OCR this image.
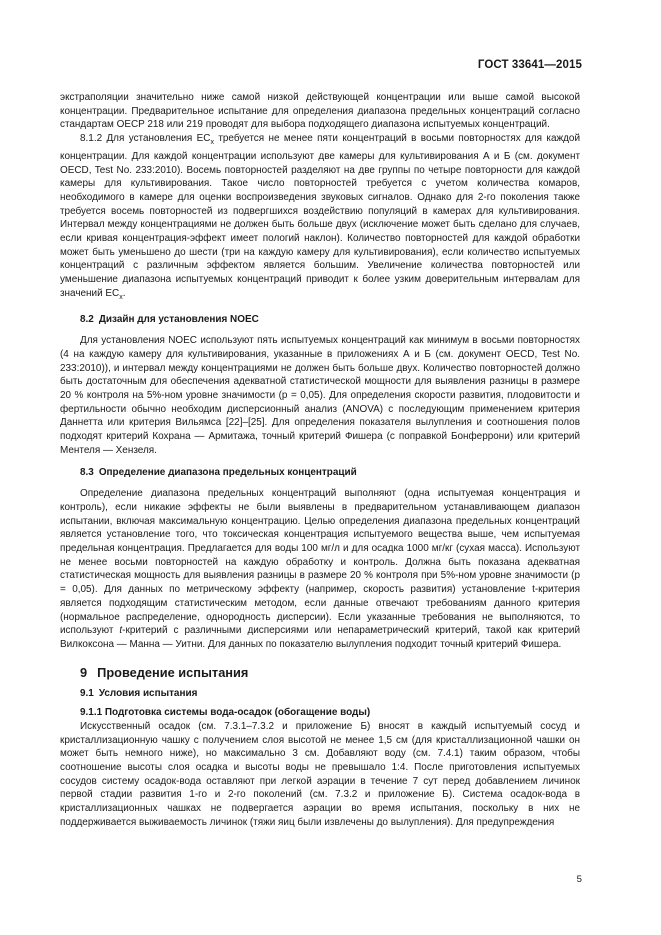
ГОСТ 33641—2015

экстраполяции значительно ниже самой низкой действующей концентрации или выше самой высокой концентрации. Предварительное испытание для определения диапазона предельных концентраций согласно стандартам OECP 218 или 219 проводят для выбора подходящего диапазона испытуемых концентраций.

8.1.2 Для установления $EC_x$ требуется не менее пяти концентраций в восьми повторностях для каждой концентрации. Для каждой концентрации используют две камеры для культивирования А и Б (см. документ OECD, Test No. 233:2010). Восемь повторностей разделяют на две группы по четыре повторности для каждой камеры для культивирования. Такое число повторностей требуется с учетом количества комаров, необходимого в камере для оценки воспроизведения звуковых сигналов. Однако для 2-го поколения также требуется восемь повторностей из подвергшихся воздействию популяций в камерах для культивирования. Интервал между концентрациями не должен быть больше двух (исключение может быть сделано для случаев, если кривая концентрация-эффект имеет пологий наклон). Количество повторностей для каждой обработки может быть уменьшено до шести (три на каждую камеру для культивирования), если количество испытуемых концентраций с различным эффектом является большим. Увеличение количества повторностей или уменьшение диапазона испытуемых концентраций приводит к более узким доверительным интервалам для значений $EC_x$.

8.2 Дизайн для установления NOEC

Для установления NOEC используют пять испытуемых концентраций как минимум в восьми повторностях (4 на каждую камеру для культивирования, указанные в приложениях А и Б (см. документ OECD, Test No. 233:2010)), и интервал между концентрациями не должен быть больше двух. Количество повторностей должно быть достаточным для обеспечения адекватной статистической мощности для выявления разницы в размере 20 % контроля на 5%-ном уровне значимости (р = 0,05). Для определения скорости развития, плодовитости и фертильности обычно необходим дисперсионный анализ (ANOVA) с последующим применением критерия Даннетта или критерия Вильямса [22]–[25]. Для определения показателя вылупления и соотношения полов подходят критерий Кохрана — Армитажа, точный критерий Фишера (с поправкой Бонферрони) или критерий Ментеля — Хензеля.

8.3 Определение диапазона предельных концентраций

Определение диапазона предельных концентраций выполняют (одна испытуемая концентрация и контроль), если никакие эффекты не были выявлены в предварительном устанавливающем диапазон испытании, включая максимальную концентрацию. Целью определения диапазона предельных концентраций является установление того, что токсическая концентрация испытуемого вещества выше, чем испытуемая предельная концентрация. Предлагается для воды 100 мг/л и для осадка 1000 мг/кг (сухая масса). Используют не менее восьми повторностей на каждую обработку и контроль. Должна быть показана адекватная статистическая мощность для выявления разницы в размере 20 % контроля при 5%-ном уровне значимости (р = 0,05). Для данных по метрическому эффекту (например, скорость развития) установление t-критерия является подходящим статистическим методом, если данные отвечают требованиям данного критерия (нормальное распределение, однородность дисперсии). Если указанные требования не выполняются, то используют t-критерий с различными дисперсиями или непараметрический критерий, такой как критерий Вилкоксона — Манна — Уитни. Для данных по показателю вылупления подходит точный критерий Фишера.

9 Проведение испытания

9.1 Условия испытания

9.1.1 Подготовка системы вода-осадок (обогащение воды)

Искусственный осадок (см. 7.3.1–7.3.2 и приложение Б) вносят в каждый испытуемый сосуд и кристаллизационную чашку с получением слоя высотой не менее 1,5 см (для кристаллизационной чашки он может быть немного ниже), но максимально 3 см. Добавляют воду (см. 7.4.1) таким образом, чтобы соотношение высоты слоя осадка и высоты воды не превышало 1:4. После приготовления испытуемых сосудов систему осадок-вода оставляют при легкой аэрации в течение 7 сут перед добавлением личинок первой стадии развития 1-го и 2-го поколений (см. 7.3.2 и приложение Б). Система осадок-вода в кристаллизационных чашках не подвергается аэрации во время испытания, поскольку в них не поддерживается выживаемость личинок (тяжи яиц были извлечены до вылупления). Для предупреждения

5
